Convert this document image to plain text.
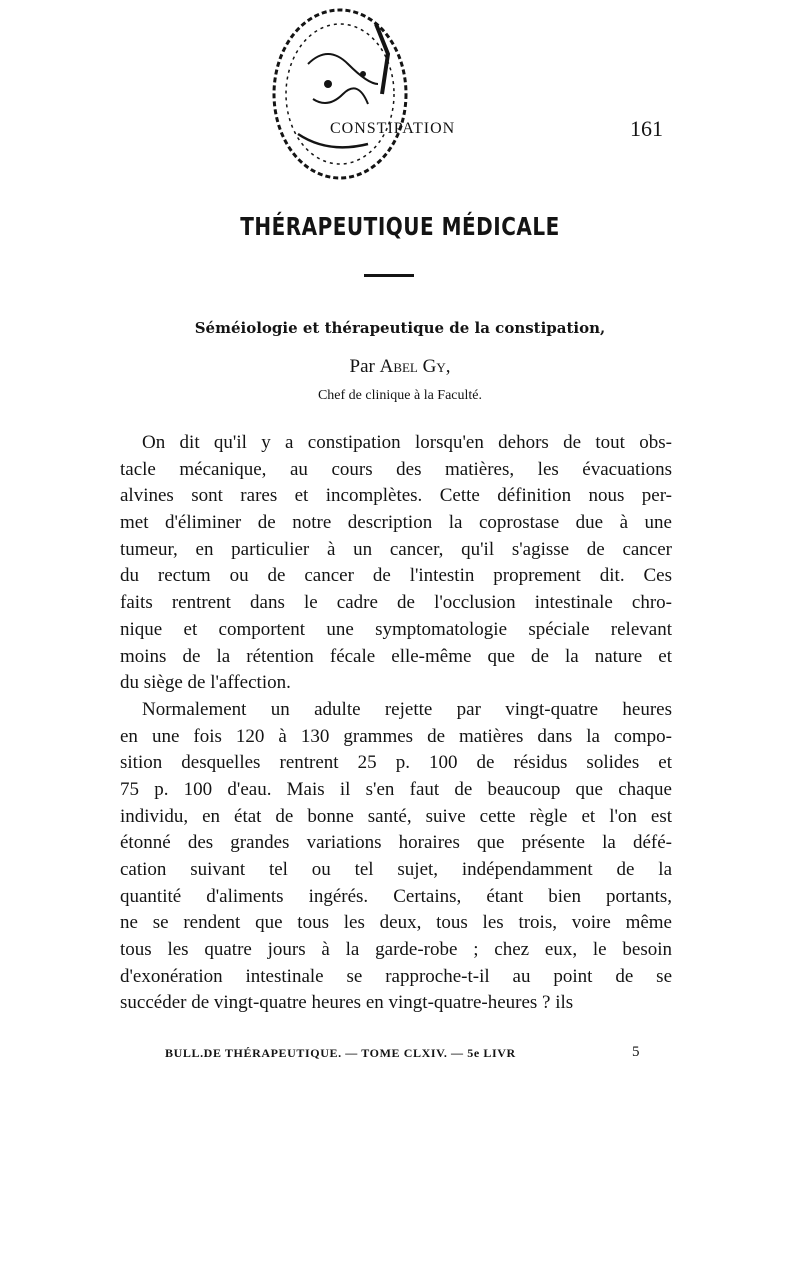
CONSTIPATION	161
THÉRAPEUTIQUE MÉDICALE
Séméiologie et thérapeutique de la constipation,
Par Abel Gy,
Chef de clinique à la Faculté.
On dit qu'il y a constipation lorsqu'en dehors de tout obs-
tacle mécanique, au cours des matières, les évacuations
alvines sont rares et incomplètes. Cette définition nous per-
met d'éliminer de notre description la coprostase due à une
tumeur, en particulier à un cancer, qu'il s'agisse de cancer
du rectum ou de cancer de l'intestin proprement dit. Ces
faits rentrent dans le cadre de l'occlusion intestinale chro-
nique et comportent une symptomatologie spéciale relevant
moins de la rétention fécale elle-même que de la nature et
du siège de l'affection.
Normalement un adulte rejette par vingt-quatre heures
en une fois 120 à 130 grammes de matières dans la compo-
sition desquelles rentrent 25 p. 100 de résidus solides et
75 p. 100 d'eau. Mais il s'en faut de beaucoup que chaque
individu, en état de bonne santé, suive cette règle et l'on est
étonné des grandes variations horaires que présente la défé-
cation suivant tel ou tel sujet, indépendamment de la
quantité d'aliments ingérés. Certains, étant bien portants,
ne se rendent que tous les deux, tous les trois, voire même
tous les quatre jours à la garde-robe ; chez eux, le besoin
d'exonération intestinale se rapproche-t-il au point de se
succéder de vingt-quatre heures en vingt-quatre-heures ? ils
BULL.DE THÉRAPEUTIQUE. — TOME CLXIV. — 5e LIVR	5
